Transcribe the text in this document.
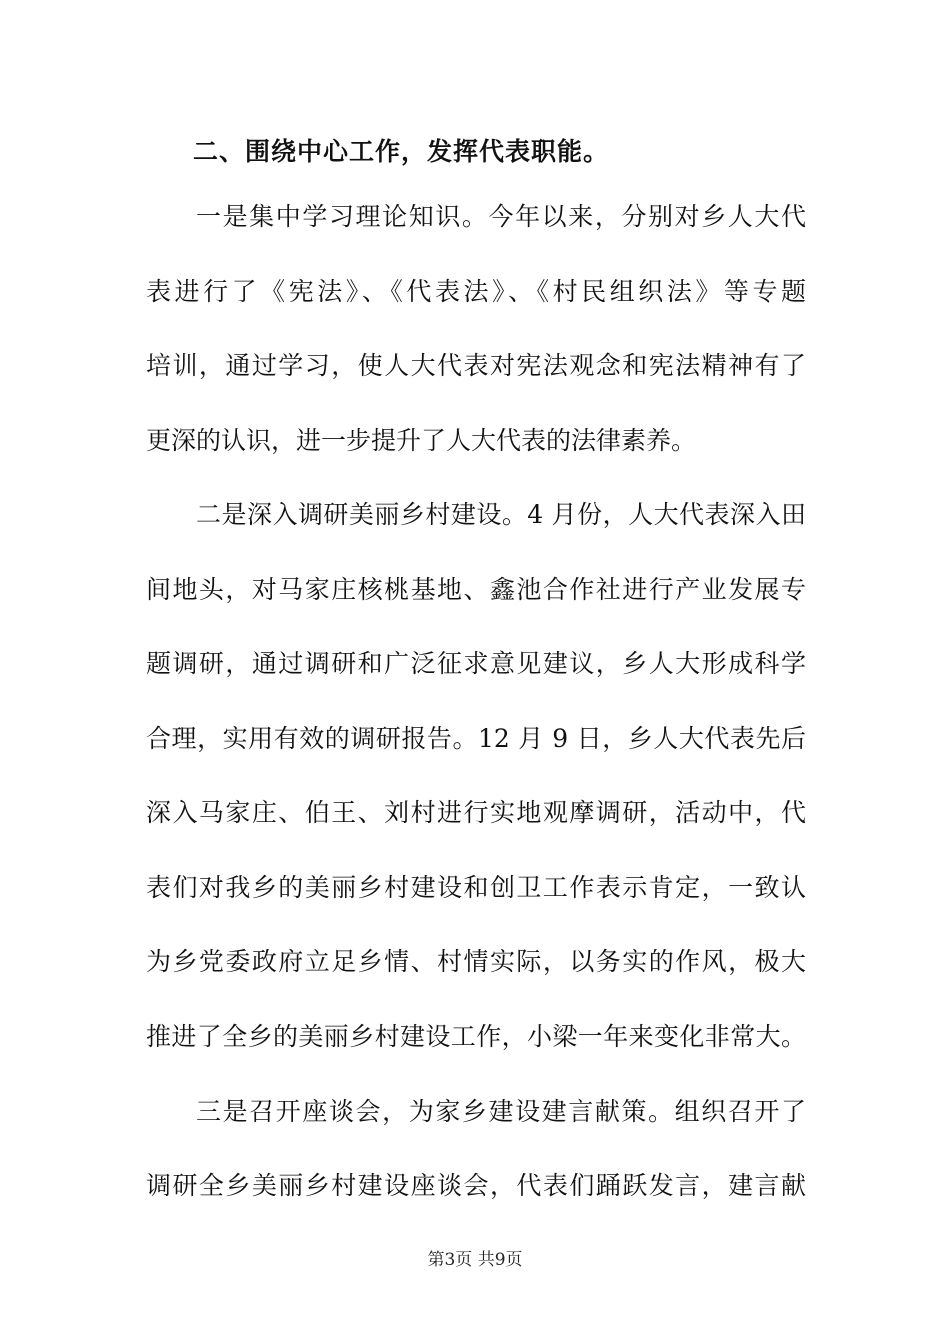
二、围绕中心工作，发挥代表职能。
一是集中学习理论知识。今年以来，分别对乡人大代
表进行了《宪法》、《代表法》、《村民组织法》等专题
培训，通过学习，使人大代表对宪法观念和宪法精神有了
更深的认识，进一步提升了人大代表的法律素养。
二是深入调研美丽乡村建设。4 月份，人大代表深入田
间地头，对马家庄核桃基地、鑫池合作社进行产业发展专
题调研，通过调研和广泛征求意见建议，乡人大形成科学
合理，实用有效的调研报告。12 月 9 日，乡人大代表先后
深入马家庄、伯王、刘村进行实地观摩调研，活动中，代
表们对我乡的美丽乡村建设和创卫工作表示肯定，一致认
为乡党委政府立足乡情、村情实际，以务实的作风，极大
推进了全乡的美丽乡村建设工作，小梁一年来变化非常大。
三是召开座谈会，为家乡建设建言献策。组织召开了
调研全乡美丽乡村建设座谈会，代表们踊跃发言，建言献
第3页 共9页
